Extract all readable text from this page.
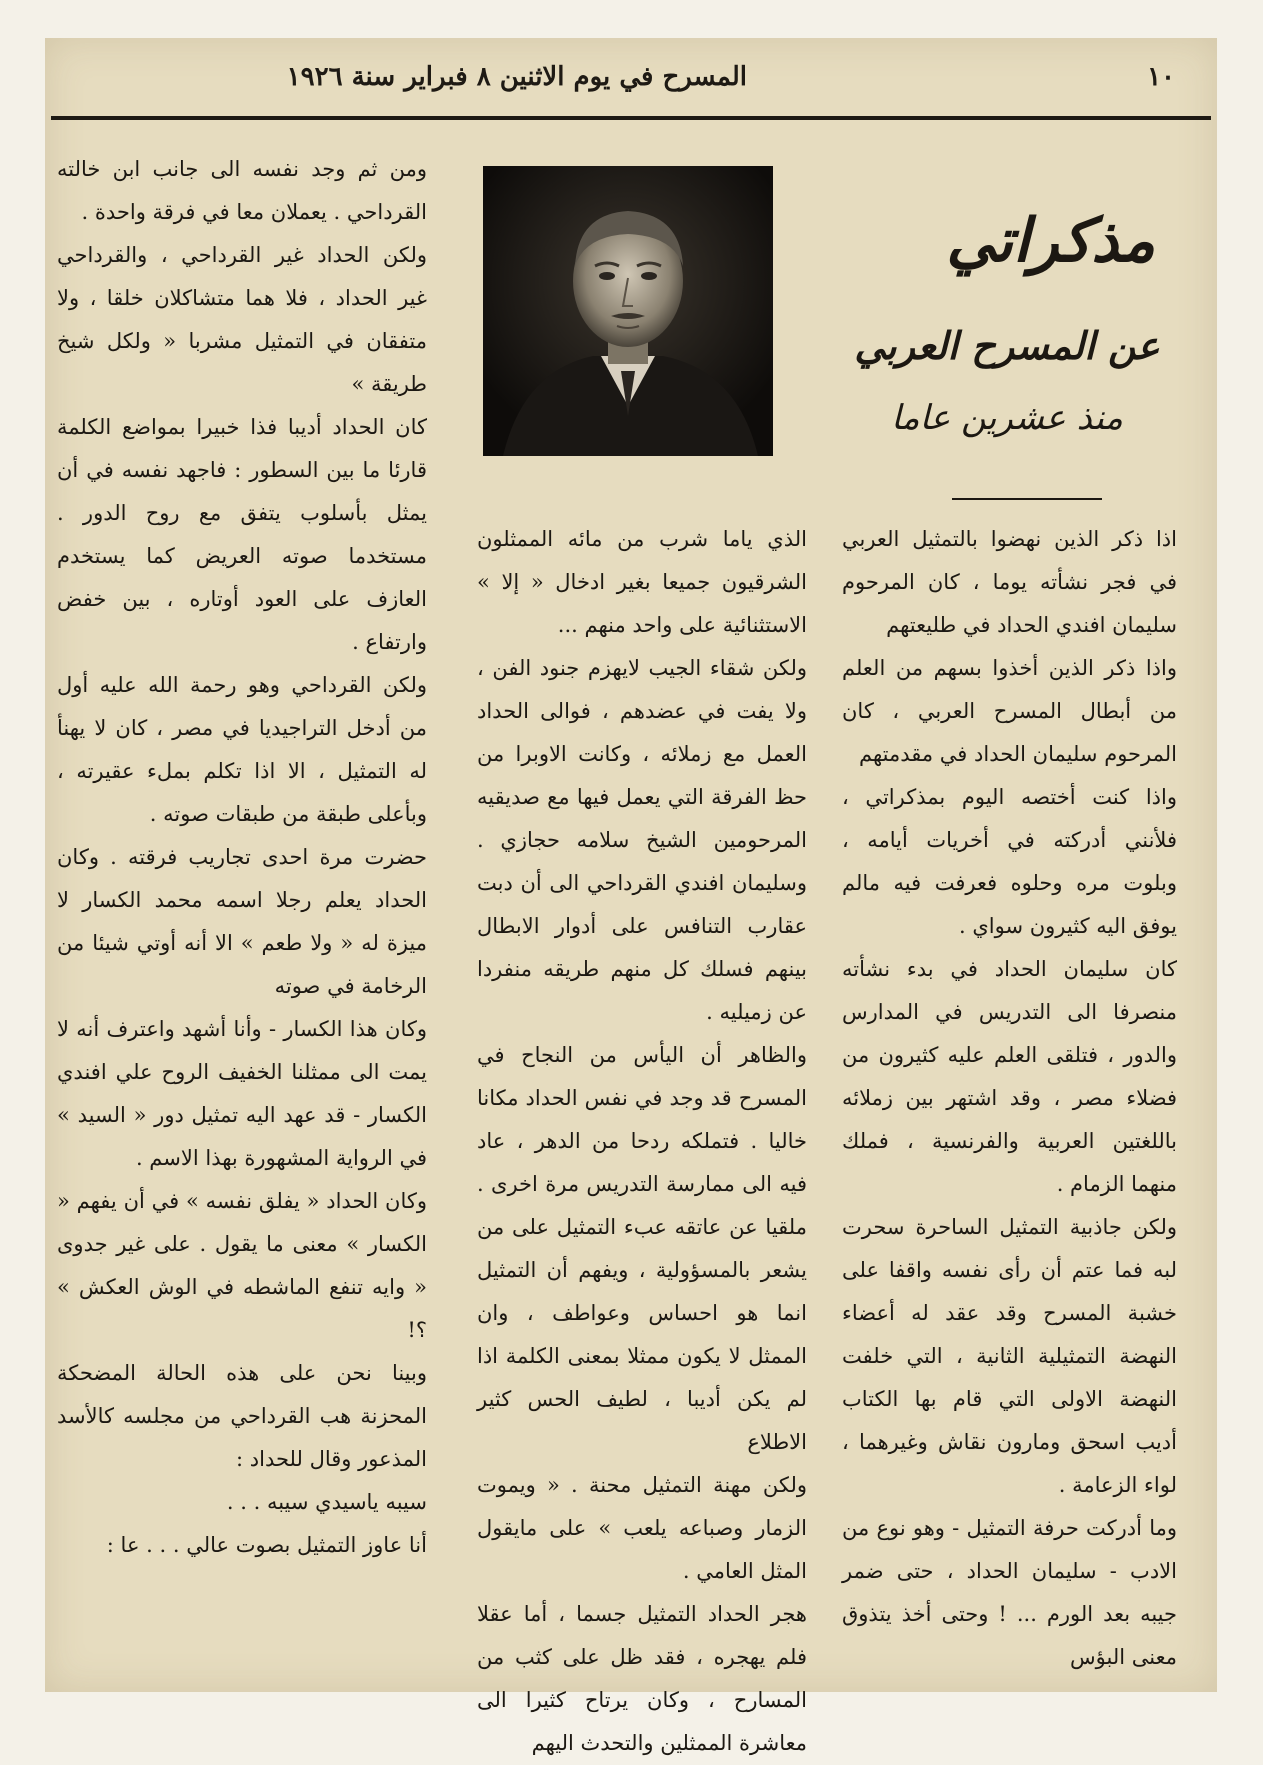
المسرح في يوم الاثنين ٨ فبراير سنة ١٩٢٦	١٠
مذكراتي
عن المسرح العربي
منذ عشرين عاما

اذا ذكر الذين نهضوا بالتمثيل العربي في فجر نشأته يوما ، كان المرحوم سليمان افندي الحداد في طليعتهم

واذا ذكر الذين أخذوا بسهم من العلم من أبطال المسرح العربي ، كان المرحوم سليمان الحداد في مقدمتهم

واذا كنت أختصه اليوم بمذكراتي ، فلأنني أدركته في أخريات أيامه ، وبلوت مره وحلوه فعرفت فيه مالم يوفق اليه كثيرون سواي .

كان سليمان الحداد في بدء نشأته منصرفا الى التدريس في المدارس والدور ، فتلقى العلم عليه كثيرون من فضلاء مصر ، وقد اشتهر بين زملائه باللغتين العربية والفرنسية ، فملك منهما الزمام .

ولكن جاذبية التمثيل الساحرة سحرت لبه فما عتم أن رأى نفسه واقفا على خشبة المسرح وقد عقد له أعضاء النهضة التمثيلية الثانية ، التي خلفت النهضة الاولى التي قام بها الكتاب أديب اسحق ومارون نقاش وغيرهما ، لواء الزعامة .

وما أدركت حرفة التمثيل - وهو نوع من الادب - سليمان الحداد ، حتى ضمر جيبه بعد الورم ... ! وحتى أخذ يتذوق معنى البؤس

الذي ياما شرب من مائه الممثلون الشرقيون جميعا بغير ادخال « إلا » الاستثنائية على واحد منهم ...

ولكن شقاء الجيب لايهزم جنود الفن ، ولا يفت في عضدهم ، فوالى الحداد العمل مع زملائه ، وكانت الاوبرا من حظ الفرقة التي يعمل فيها مع صديقيه المرحومين الشيخ سلامه حجازي . وسليمان افندي القرداحي الى أن دبت عقارب التنافس على أدوار الابطال بينهم فسلك كل منهم طريقه منفردا عن زميليه .

والظاهر أن اليأس من النجاح في المسرح قد وجد في نفس الحداد مكانا خاليا . فتملكه ردحا من الدهر ، عاد فيه الى ممارسة التدريس مرة اخرى . ملقيا عن عاتقه عبء التمثيل على من يشعر بالمسؤولية ، ويفهم أن التمثيل انما هو احساس وعواطف ، وان الممثل لا يكون ممثلا بمعنى الكلمة اذا لم يكن أديبا ، لطيف الحس كثير الاطلاع

ولكن مهنة التمثيل محنة . « ويموت الزمار وصباعه يلعب » على مايقول المثل العامي .

هجر الحداد التمثيل جسما ، أما عقلا فلم يهجره ، فقد ظل على كثب من المسارح ، وكان يرتاح كثيرا الى معاشرة الممثلين والتحدث اليهم

ومن ثم وجد نفسه الى جانب ابن خالته القرداحي . يعملان معا في فرقة واحدة .

ولكن الحداد غير القرداحي ، والقرداحي غير الحداد ، فلا هما متشاكلان خلقا ، ولا متفقان في التمثيل مشربا « ولكل شيخ طريقة »

كان الحداد أديبا فذا خبيرا بمواضع الكلمة قارئا ما بين السطور : فاجهد نفسه في أن يمثل بأسلوب يتفق مع روح الدور . مستخدما صوته العريض كما يستخدم العازف على العود أوتاره ، بين خفض وارتفاع .

ولكن القرداحي وهو رحمة الله عليه أول من أدخل التراجيديا في مصر ، كان لا يهنأ له التمثيل ، الا اذا تكلم بملء عقيرته ، وبأعلى طبقة من طبقات صوته .

حضرت مرة احدى تجاريب فرقته . وكان الحداد يعلم رجلا اسمه محمد الكسار لا ميزة له « ولا طعم » الا أنه أوتي شيئا من الرخامة في صوته

وكان هذا الكسار - وأنا أشهد واعترف أنه لا يمت الى ممثلنا الخفيف الروح علي افندي الكسار - قد عهد اليه تمثيل دور « السيد » في الرواية المشهورة بهذا الاسم .

وكان الحداد « يفلق نفسه » في أن يفهم « الكسار » معنى ما يقول . على غير جدوى « وايه تنفع الماشطه في الوش العكش » ؟!

وبينا نحن على هذه الحالة المضحكة المحزنة هب القرداحي من مجلسه كالأسد المذعور وقال للحداد :

سيبه ياسيدي سيبه . . .

أنا عاوز التمثيل بصوت عالي . . . عا :
